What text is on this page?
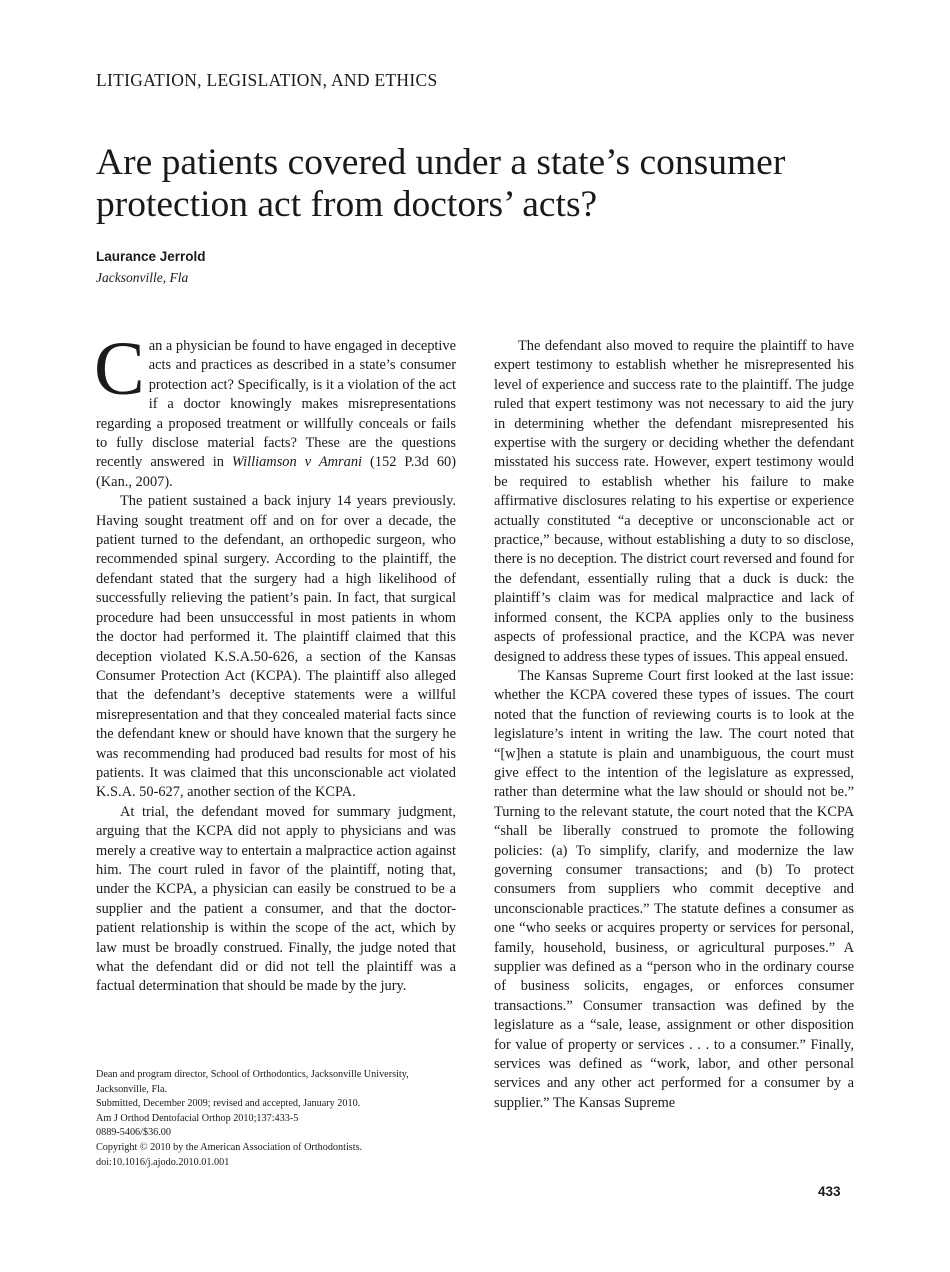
LITIGATION, LEGISLATION, AND ETHICS
Are patients covered under a state’s consumer protection act from doctors’ acts?
Laurance Jerrold
Jacksonville, Fla

Can a physician be found to have engaged in deceptive acts and practices as described in a state’s consumer protection act? Specifically, is it a violation of the act if a doctor knowingly makes misrepresentations regarding a proposed treatment or willfully conceals or fails to fully disclose material facts? These are the questions recently answered in Williamson v Amrani (152 P.3d 60) (Kan., 2007).

The patient sustained a back injury 14 years previously. Having sought treatment off and on for over a decade, the patient turned to the defendant, an orthopedic surgeon, who recommended spinal surgery. According to the plaintiff, the defendant stated that the surgery had a high likelihood of successfully relieving the patient’s pain. In fact, that surgical procedure had been unsuccessful in most patients in whom the doctor had performed it. The plaintiff claimed that this deception violated K.S.A.50-626, a section of the Kansas Consumer Protection Act (KCPA). The plaintiff also alleged that the defendant’s deceptive statements were a willful misrepresentation and that they concealed material facts since the defendant knew or should have known that the surgery he was recommending had produced bad results for most of his patients. It was claimed that this unconscionable act violated K.S.A. 50-627, another section of the KCPA.

At trial, the defendant moved for summary judgment, arguing that the KCPA did not apply to physicians and was merely a creative way to entertain a malpractice action against him. The court ruled in favor of the plaintiff, noting that, under the KCPA, a physician can easily be construed to be a supplier and the patient a consumer, and that the doctor-patient relationship is within the scope of the act, which by law must be broadly construed. Finally, the judge noted that what the defendant did or did not tell the plaintiff was a factual determination that should be made by the jury.

The defendant also moved to require the plaintiff to have expert testimony to establish whether he misrepresented his level of experience and success rate to the plaintiff. The judge ruled that expert testimony was not necessary to aid the jury in determining whether the defendant misrepresented his expertise with the surgery or deciding whether the defendant misstated his success rate. However, expert testimony would be required to establish whether his failure to make affirmative disclosures relating to his expertise or experience actually constituted “a deceptive or unconscionable act or practice,” because, without establishing a duty to so disclose, there is no deception. The district court reversed and found for the defendant, essentially ruling that a duck is duck: the plaintiff’s claim was for medical malpractice and lack of informed consent, the KCPA applies only to the business aspects of professional practice, and the KCPA was never designed to address these types of issues. This appeal ensued.

The Kansas Supreme Court first looked at the last issue: whether the KCPA covered these types of issues. The court noted that the function of reviewing courts is to look at the legislature’s intent in writing the law. The court noted that “[w]hen a statute is plain and unambiguous, the court must give effect to the intention of the legislature as expressed, rather than determine what the law should or should not be.” Turning to the relevant statute, the court noted that the KCPA “shall be liberally construed to promote the following policies: (a) To simplify, clarify, and modernize the law governing consumer transactions; and (b) To protect consumers from suppliers who commit deceptive and unconscionable practices.” The statute defines a consumer as one “who seeks or acquires property or services for personal, family, household, business, or agricultural purposes.” A supplier was defined as a “person who in the ordinary course of business solicits, engages, or enforces consumer transactions.” Consumer transaction was defined by the legislature as a “sale, lease, assignment or other disposition for value of property or services . . . to a consumer.” Finally, services was defined as “work, labor, and other personal services and any other act performed for a consumer by a supplier.” The Kansas Supreme

Dean and program director, School of Orthodontics, Jacksonville University, Jacksonville, Fla.
Submitted, December 2009; revised and accepted, January 2010.
Am J Orthod Dentofacial Orthop 2010;137:433-5
0889-5406/$36.00
Copyright © 2010 by the American Association of Orthodontists.
doi:10.1016/j.ajodo.2010.01.001
433
